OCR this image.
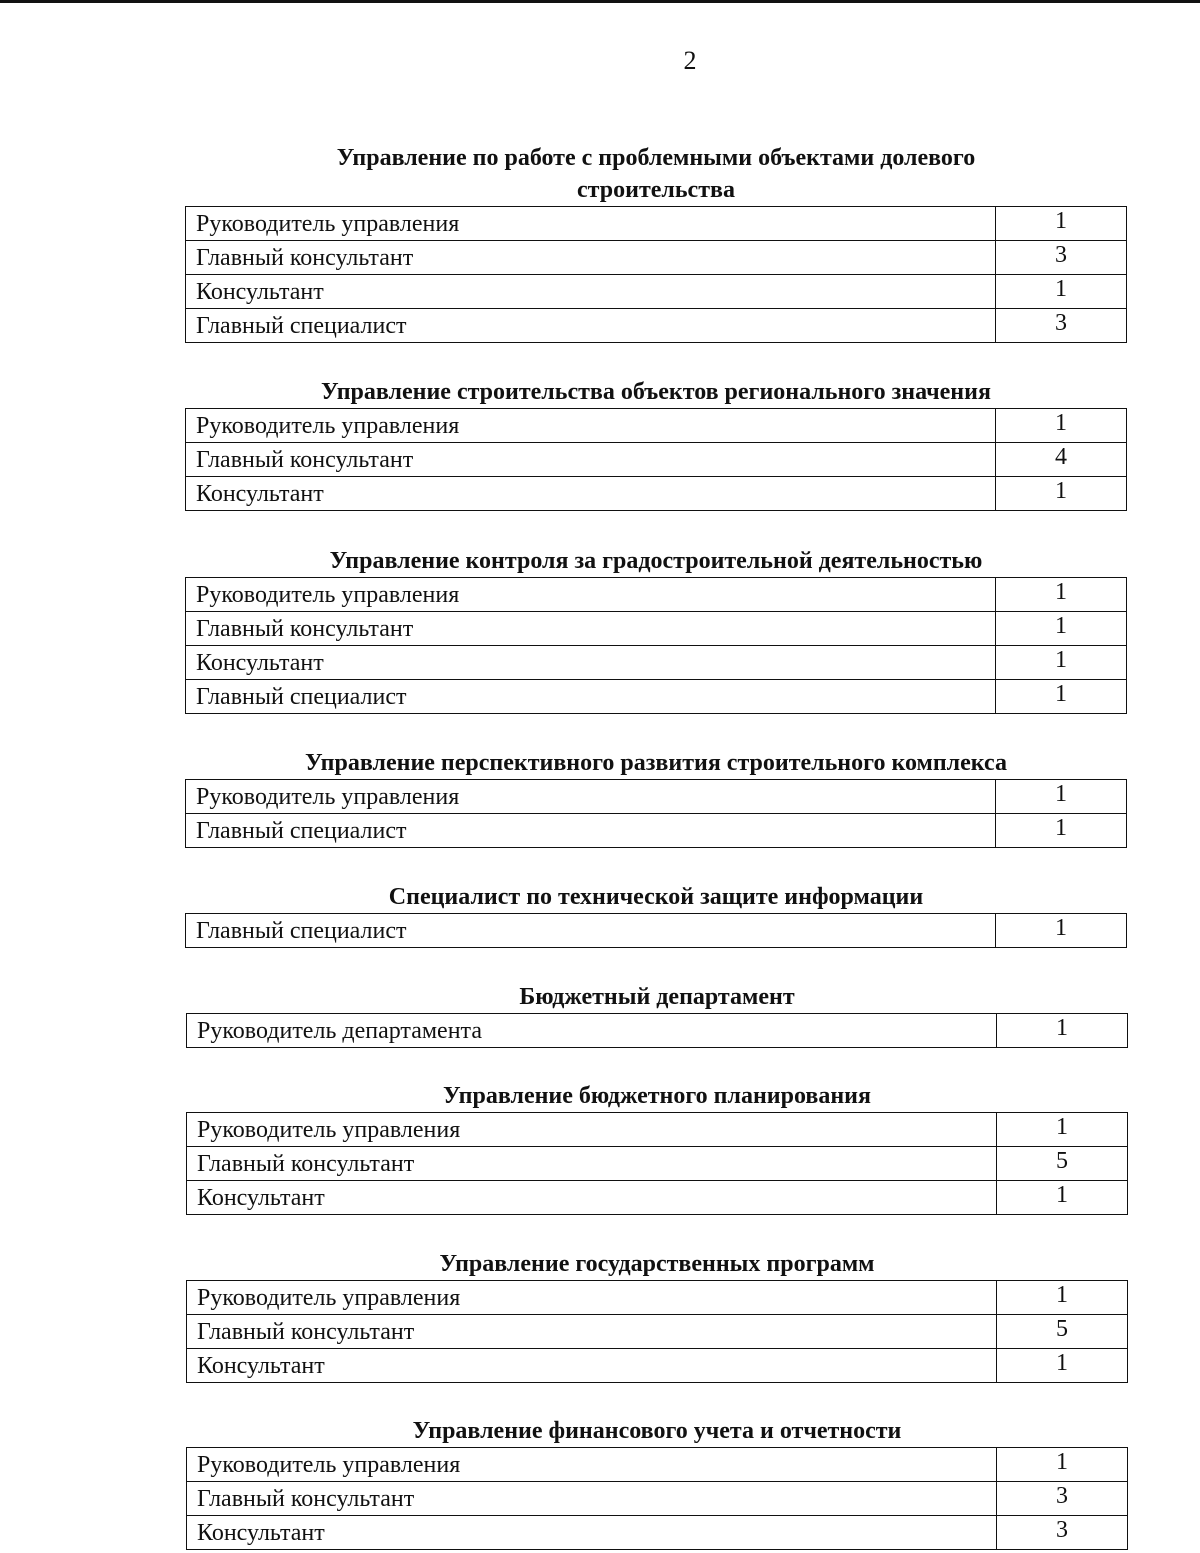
2
Управление по работе с проблемными объектами долевого
строительства
Руководитель управления	1
Главный консультант	3
Консультант	1
Главный специалист	3
Управление строительства объектов регионального значения
Руководитель управления	1
Главный консультант	4
Консультант	1
Управление контроля за градостроительной деятельностью
Руководитель управления	1
Главный консультант	1
Консультант	1
Главный специалист	1
Управление перспективного развития строительного комплекса
Руководитель управления	1
Главный специалист	1
Специалист по технической защите информации
Главный специалист	1
Бюджетный департамент
Руководитель департамента	1
Управление бюджетного планирования
Руководитель управления	1
Главный консультант	5
Консультант	1
Управление государственных программ
Руководитель управления	1
Главный консультант	5
Консультант	1
Управление финансового учета и отчетности
Руководитель управления	1
Главный консультант	3
Консультант	3
